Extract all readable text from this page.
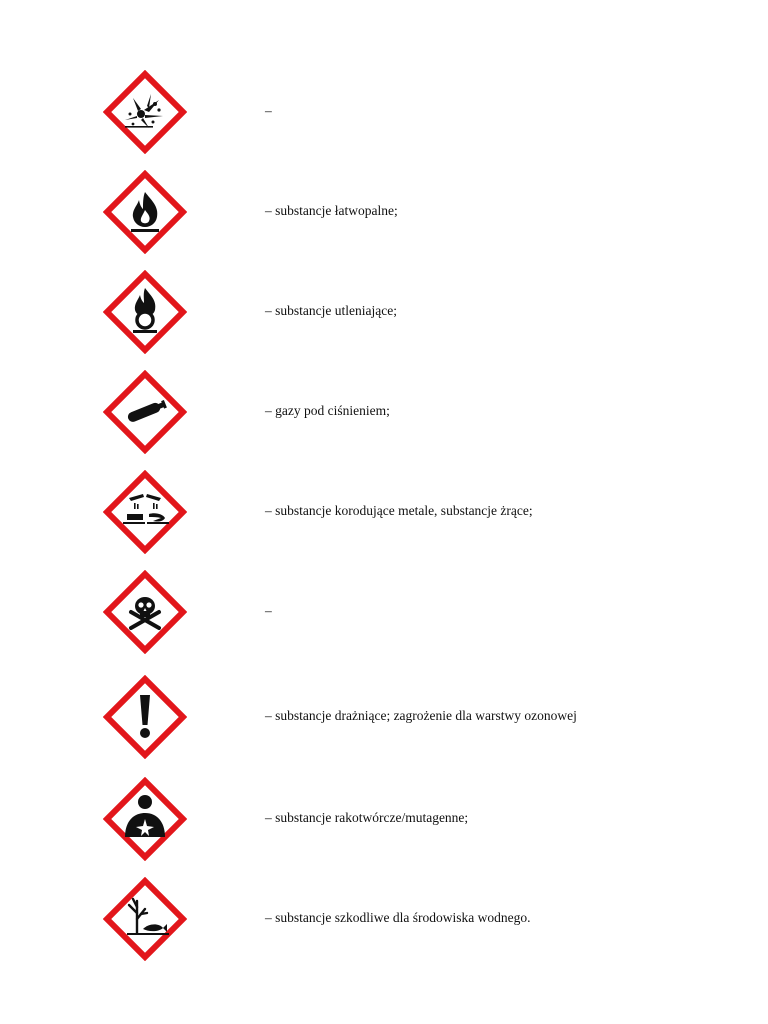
–
– substancje łatwopalne;
– substancje utleniające;
– gazy pod ciśnieniem;
– substancje korodujące metale, substancje żrące;
–
– substancje drażniące; zagrożenie dla warstwy ozonowej
– substancje rakotwórcze/mutagenne;
– substancje szkodliwe dla środowiska wodnego.
